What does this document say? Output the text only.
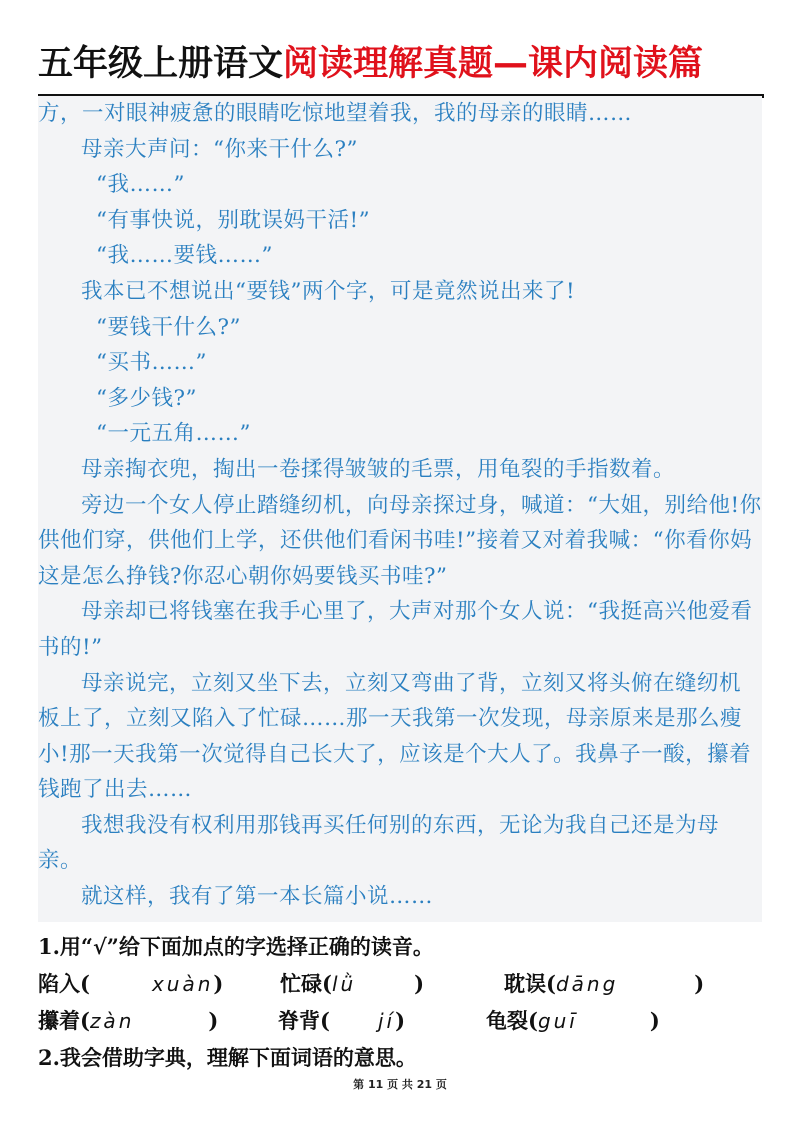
五年级上册语文阅读理解真题—课内阅读篇

方，一对眼神疲惫的眼睛吃惊地望着我，我的母亲的眼睛……

母亲大声问：“你来干什么?”

“我……”

“有事快说，别耽误妈干活!”

“我……要钱……”

我本已不想说出“要钱”两个字，可是竟然说出来了!

“要钱干什么?”

“买书……”

“多少钱?”

“一元五角……”

母亲掏衣兜，掏出一卷揉得皱皱的毛票，用龟裂的手指数着。

旁边一个女人停止踏缝纫机，向母亲探过身，喊道：“大姐，别给他!你供他们穿，供他们上学，还供他们看闲书哇!”接着又对着我喊：“你看你妈这是怎么挣钱?你忍心朝你妈要钱买书哇?”

母亲却已将钱塞在我手心里了，大声对那个女人说：“我挺高兴他爱看书的!”

母亲说完，立刻又坐下去，立刻又弯曲了背，立刻又将头俯在缝纫机板上了，立刻又陷入了忙碌……那一天我第一次发现，母亲原来是那么瘦小!那一天我第一次觉得自己长大了，应该是个大人了。我鼻子一酸，攥着钱跑了出去……

我想我没有权利用那钱再买任何别的东西，无论为我自己还是为母亲。

就这样，我有了第一本长篇小说……

1.用“√”给下面加点的字选择正确的读音。
陷入(	xuàn)	忙碌(lǜ	)	耽误(dāng	)
攥着(zàn	)	脊背( jí)	龟裂(guī	)
2.我会借助字典，理解下面词语的意思。
第 11 页 共 21 页
